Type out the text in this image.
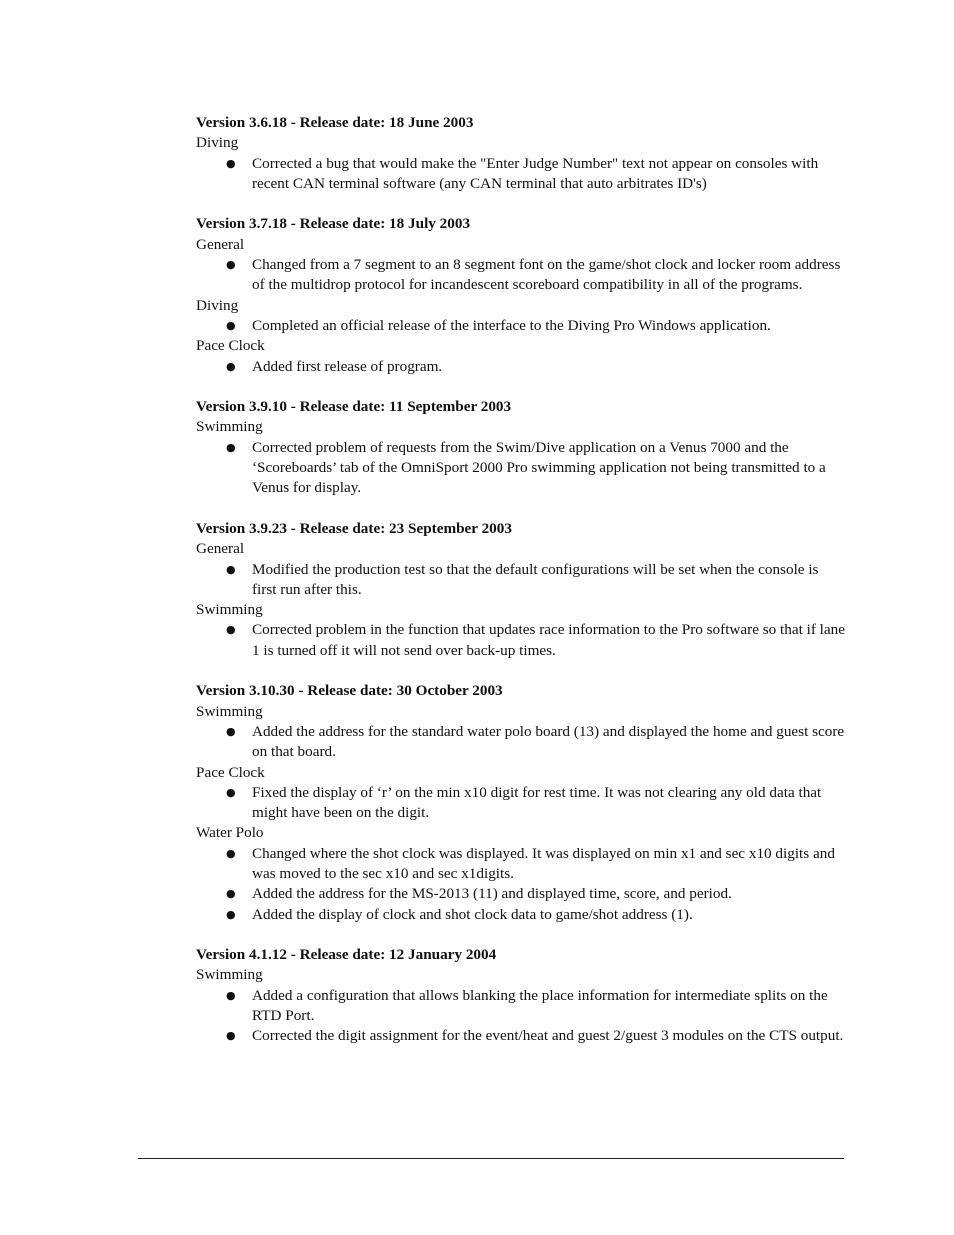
Version 3.6.18 - Release date: 18 June 2003
Diving
● Corrected a bug that would make the "Enter Judge Number" text not appear on consoles with recent CAN terminal software (any CAN terminal that auto arbitrates ID's)
Version 3.7.18 - Release date: 18 July 2003
General
● Changed from a 7 segment to an 8 segment font on the game/shot clock and locker room address of the multidrop protocol for incandescent scoreboard compatibility in all of the programs.
Diving
● Completed an official release of the interface to the Diving Pro Windows application.
Pace Clock
● Added first release of program.
Version 3.9.10 - Release date: 11 September 2003
Swimming
● Corrected problem of requests from the Swim/Dive application on a Venus 7000 and the ‘Scoreboards’ tab of the OmniSport 2000 Pro swimming application not being transmitted to a Venus for display.
Version 3.9.23 - Release date: 23 September 2003
General
● Modified the production test so that the default configurations will be set when the console is first run after this.
Swimming
● Corrected problem in the function that updates race information to the Pro software so that if lane 1 is turned off it will not send over back-up times.
Version 3.10.30 - Release date: 30 October 2003
Swimming
● Added the address for the standard water polo board (13) and displayed the home and guest score on that board.
Pace Clock
● Fixed the display of ‘r’ on the min x10 digit for rest time. It was not clearing any old data that might have been on the digit.
Water Polo
● Changed where the shot clock was displayed. It was displayed on min x1 and sec x10 digits and was moved to the sec x10 and sec x1digits.
● Added the address for the MS-2013 (11) and displayed time, score, and period.
● Added the display of clock and shot clock data to game/shot address (1).
Version 4.1.12 - Release date: 12 January 2004
Swimming
● Added a configuration that allows blanking the place information for intermediate splits on the RTD Port.
● Corrected the digit assignment for the event/heat and guest 2/guest 3 modules on the CTS output.
